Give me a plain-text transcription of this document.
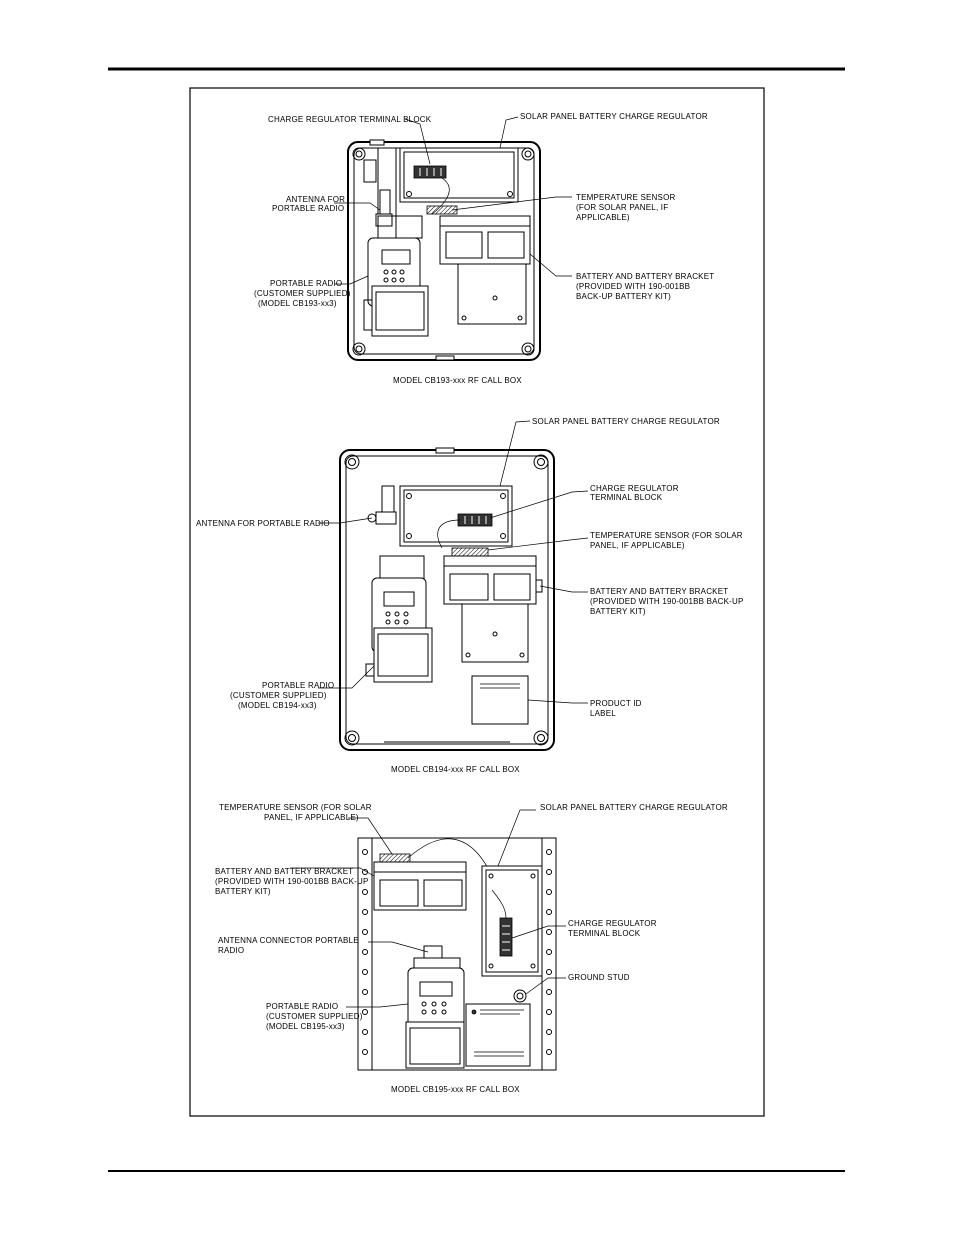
CHARGE REGULATOR TERMINAL BLOCK	SOLAR PANEL BATTERY CHARGE REGULATOR
ANTENNA FOR
PORTABLE RADIO
TEMPERATURE SENSOR
(FOR SOLAR PANEL, IF
APPLICABLE)
BATTERY AND BATTERY BRACKET
(PROVIDED WITH 190-001BB
BACK-UP BATTERY KIT)
PORTABLE RADIO
(CUSTOMER SUPPLIED)
(MODEL CB193-xx3)
MODEL CB193-xxx RF CALL BOX
SOLAR PANEL BATTERY CHARGE REGULATOR
CHARGE REGULATOR
TERMINAL BLOCK
ANTENNA FOR PORTABLE RADIO
TEMPERATURE SENSOR (FOR SOLAR
PANEL, IF APPLICABLE)
BATTERY AND BATTERY BRACKET
(PROVIDED WITH 190-001BB BACK-UP
BATTERY KIT)
PORTABLE RADIO
(CUSTOMER SUPPLIED)
(MODEL CB194-xx3)	PRODUCT ID
LABEL
MODEL CB194-xxx RF CALL BOX
TEMPERATURE SENSOR (FOR SOLAR
PANEL, IF APPLICABLE)
SOLAR PANEL BATTERY CHARGE REGULATOR
BATTERY AND BATTERY BRACKET
(PROVIDED WITH 190-001BB BACK-UP
BATTERY KIT)
ANTENNA CONNECTOR PORTABLE
RADIO
CHARGE REGULATOR
TERMINAL BLOCK
GROUND STUD
PORTABLE RADIO
(CUSTOMER SUPPLIED)
(MODEL CB195-xx3)
MODEL CB195-xxx RF CALL BOX
